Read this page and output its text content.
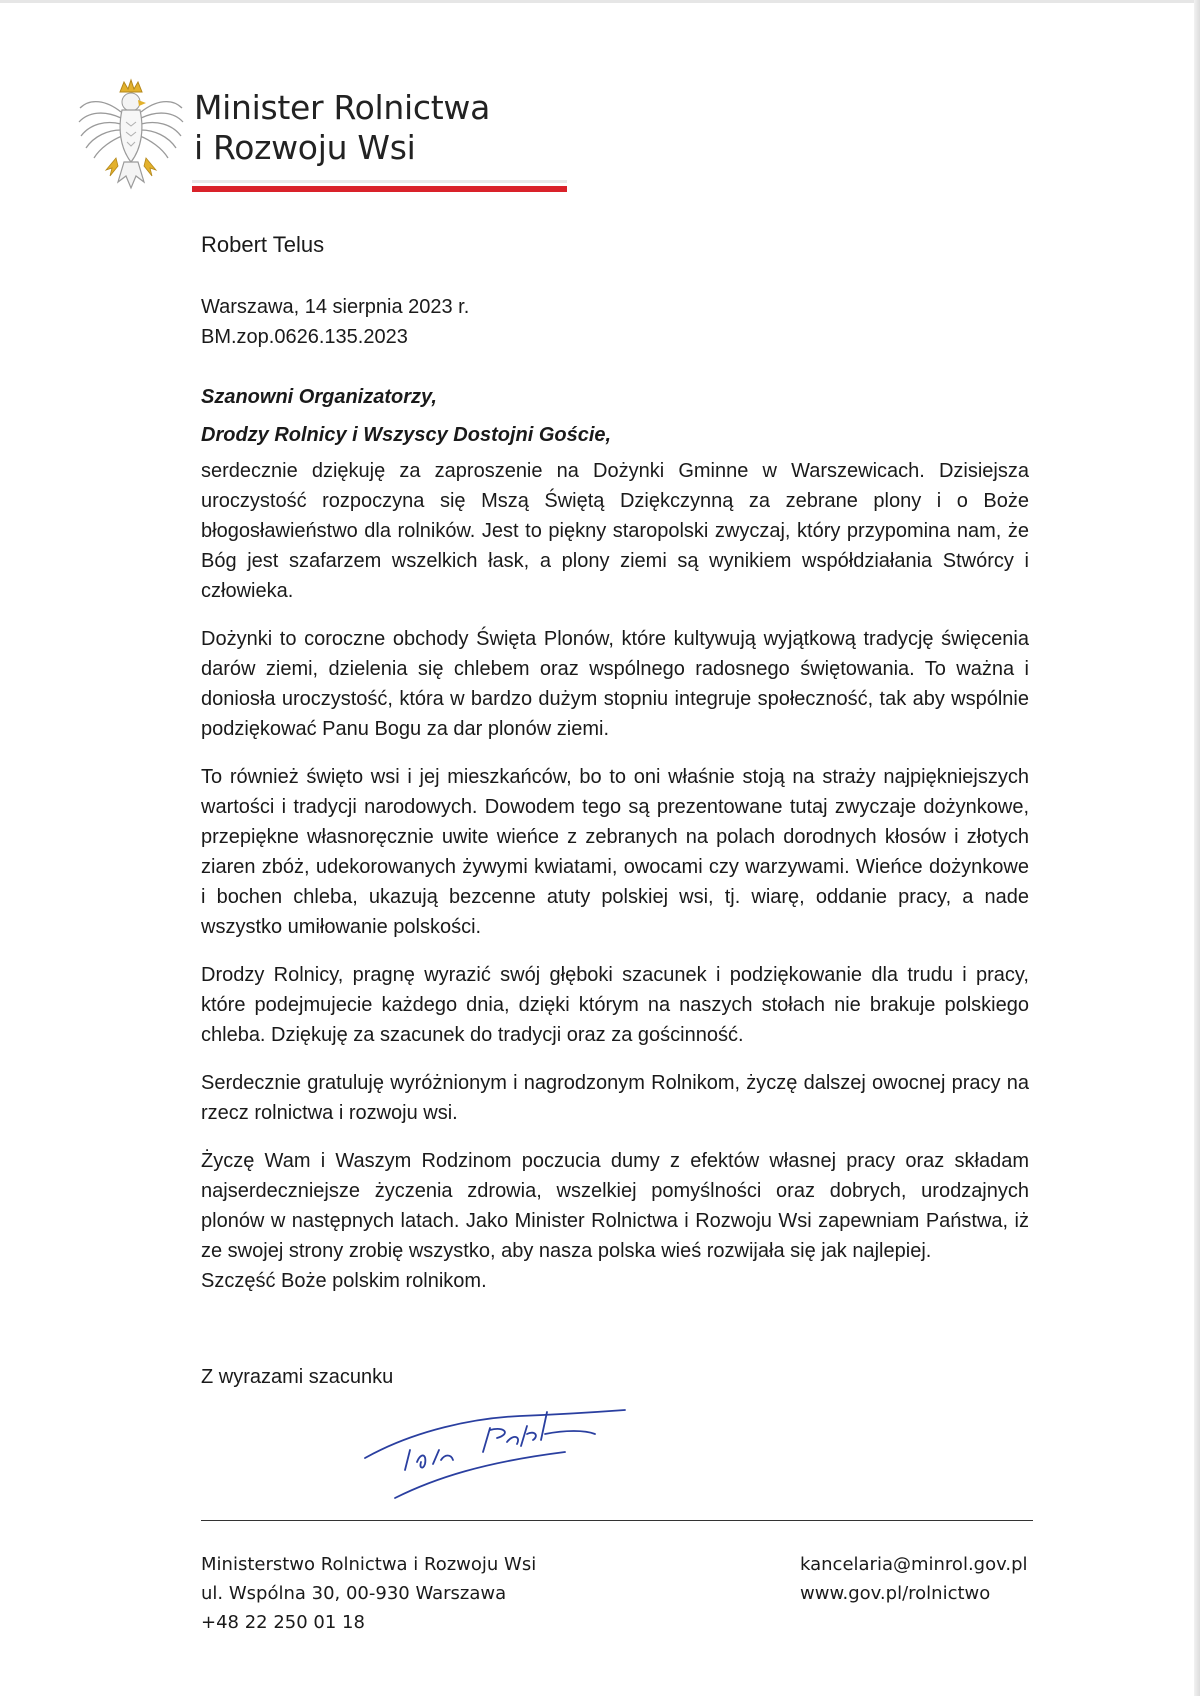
Minister Rolnictwa
i Rozwoju Wsi
Robert Telus
Warszawa, 14 sierpnia 2023 r.
BM.zop.0626.135.2023
Szanowni Organizatorzy,
Drodzy Rolnicy i Wszyscy Dostojni Goście,

serdecznie dziękuję za zaproszenie na Dożynki Gminne w Warszewicach. Dzisiejsza uroczystość rozpoczyna się Mszą Świętą Dziękczynną za zebrane plony i o Boże błogosławieństwo dla rolników. Jest to piękny staropolski zwyczaj, który przypomina nam, że Bóg jest szafarzem wszelkich łask, a plony ziemi są wynikiem współdziałania Stwórcy i człowieka.

Dożynki to coroczne obchody Święta Plonów, które kultywują wyjątkową tradycję święcenia darów ziemi, dzielenia się chlebem oraz wspólnego radosnego świętowania. To ważna i doniosła uroczystość, która w bardzo dużym stopniu integruje społeczność, tak aby wspólnie podziękować Panu Bogu za dar plonów ziemi.

To również święto wsi i jej mieszkańców, bo to oni właśnie stoją na straży najpiękniejszych wartości i tradycji narodowych. Dowodem tego są prezentowane tutaj zwyczaje dożynkowe, przepiękne własnoręcznie uwite wieńce z zebranych na polach dorodnych kłosów i złotych ziaren zbóż, udekorowanych żywymi kwiatami, owocami czy warzywami. Wieńce dożynkowe i bochen chleba, ukazują bezcenne atuty polskiej wsi, tj. wiarę, oddanie pracy, a nade wszystko umiłowanie polskości.

Drodzy Rolnicy, pragnę wyrazić swój głęboki szacunek i podziękowanie dla trudu i pracy, które podejmujecie każdego dnia, dzięki którym na naszych stołach nie brakuje polskiego chleba. Dziękuję za szacunek do tradycji oraz za gościnność.

Serdecznie gratuluję wyróżnionym i nagrodzonym Rolnikom, życzę dalszej owocnej pracy na rzecz rolnictwa i rozwoju wsi.

Życzę Wam i Waszym Rodzinom poczucia dumy z efektów własnej pracy oraz składam najserdeczniejsze życzenia zdrowia, wszelkiej pomyślności oraz dobrych, urodzajnych plonów w następnych latach. Jako Minister Rolnictwa i Rozwoju Wsi zapewniam Państwa, iż ze swojej strony zrobię wszystko, aby nasza polska wieś rozwijała się jak najlepiej.

Szczęść Boże polskim rolnikom.

Z wyrazami szacunku
Ministerstwo Rolnictwa i Rozwoju Wsi
ul. Wspólna 30, 00-930 Warszawa
+48 22 250 01 18
kancelaria@minrol.gov.pl
www.gov.pl/rolnictwo
